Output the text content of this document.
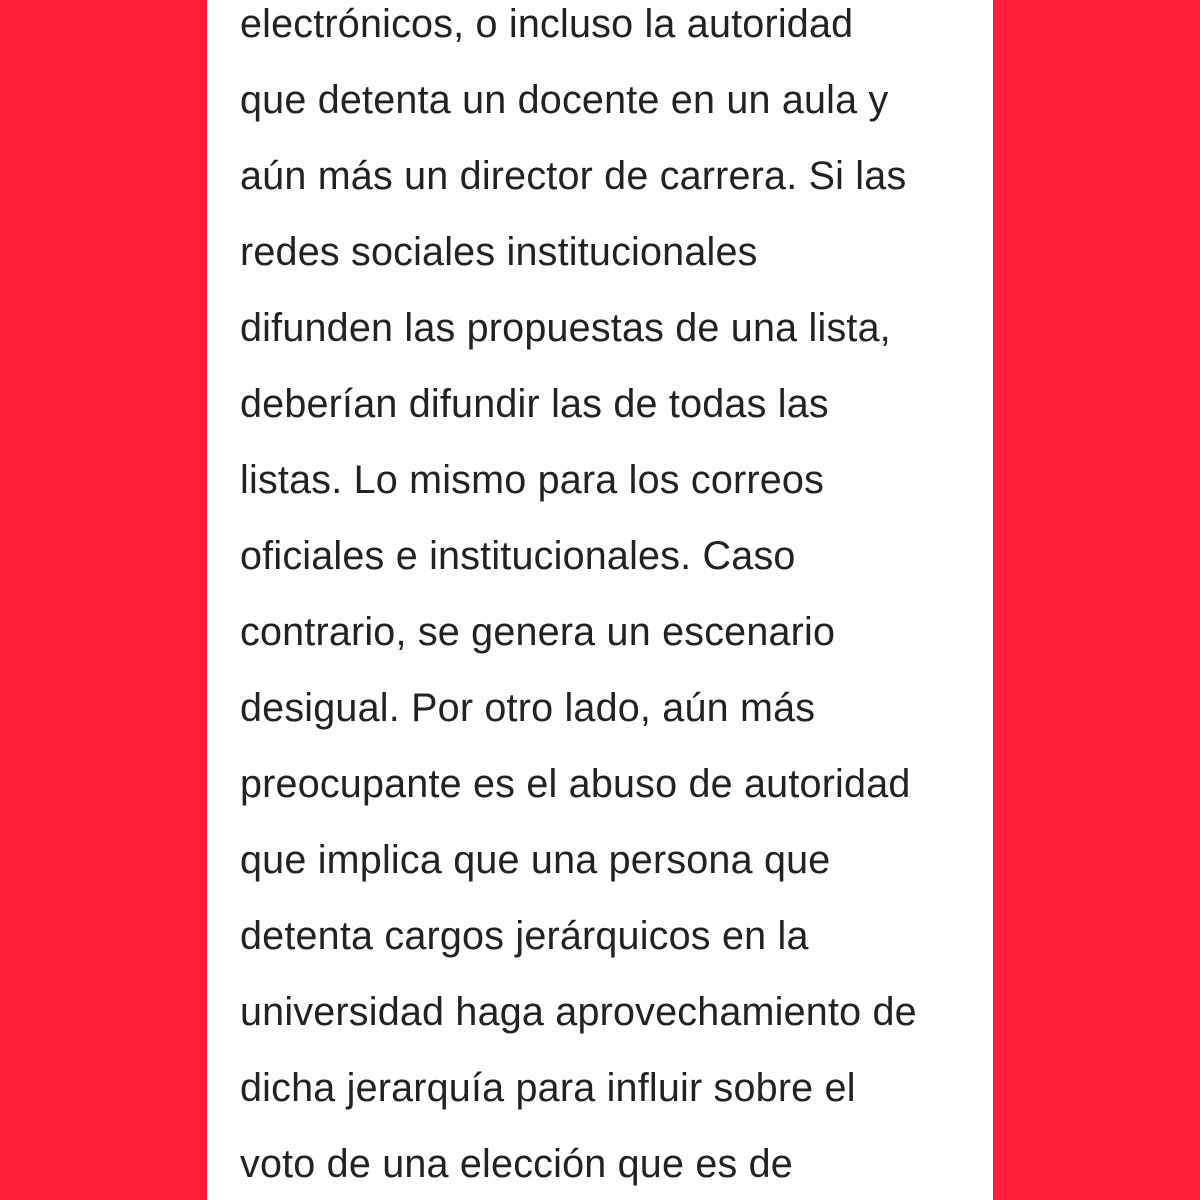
electrónicos, o incluso la autoridad
que detenta un docente en un aula y
aún más un director de carrera. Si las
redes sociales institucionales
difunden las propuestas de una lista,
deberían difundir las de todas las
listas. Lo mismo para los correos
oficiales e institucionales. Caso
contrario, se genera un escenario
desigual. Por otro lado, aún más
preocupante es el abuso de autoridad
que implica que una persona que
detenta cargos jerárquicos en la
universidad haga aprovechamiento de
dicha jerarquía para influir sobre el
voto de una elección que es de
